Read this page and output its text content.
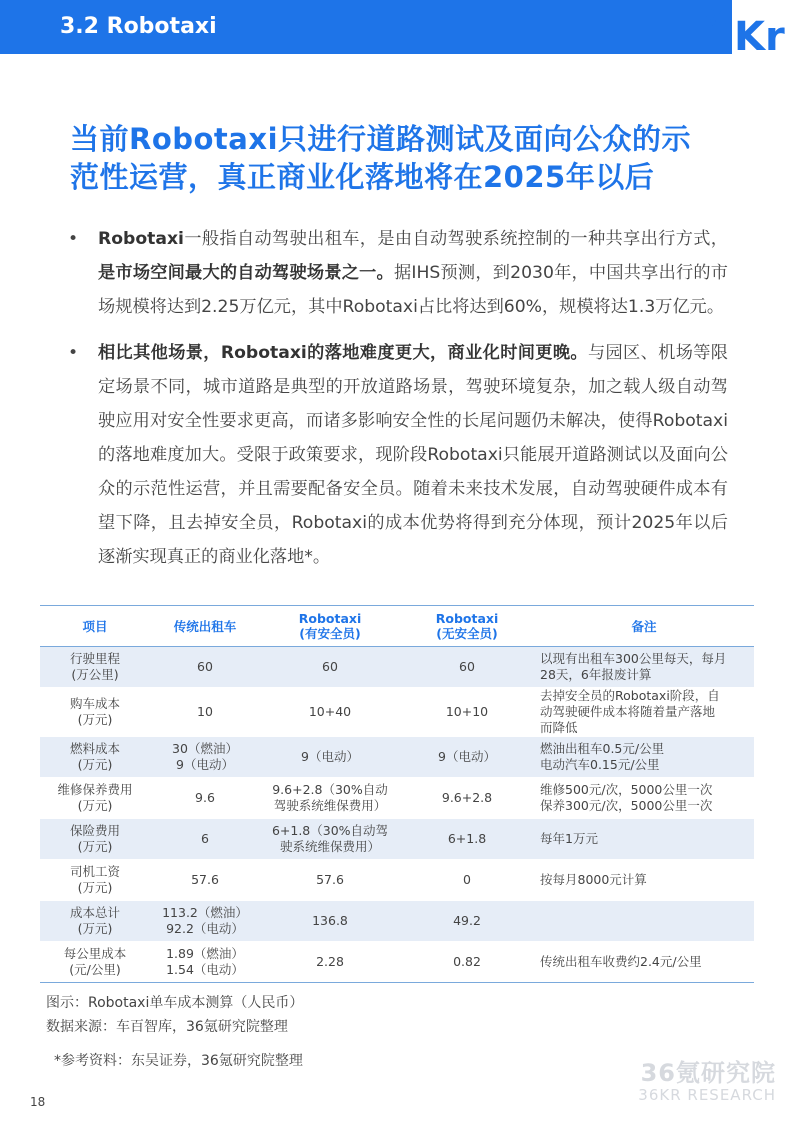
3.2 Robotaxi	36 Kr
当前Robotaxi只进行道路测试及面向公众的示
范性运营，真正商业化落地将在2025年以后
• Robotaxi一般指自动驾驶出租车，是由自动驾驶系统控制的一种共享出行方式，是市场空间最大的自动驾驶场景之一。据IHS预测，到2030年，中国共享出行的市场规模将达到2.25万亿元，其中Robotaxi占比将达到60%，规模将达1.3万亿元。
• 相比其他场景，Robotaxi的落地难度更大，商业化时间更晚。与园区、机场等限定场景不同，城市道路是典型的开放道路场景，驾驶环境复杂，加之载人级自动驾驶应用对安全性要求更高，而诸多影响安全性的长尾问题仍未解决，使得Robotaxi的落地难度加大。受限于政策要求，现阶段Robotaxi只能展开道路测试以及面向公众的示范性运营，并且需要配备安全员。随着未来技术发展，自动驾驶硬件成本有望下降，且去掉安全员，Robotaxi的成本优势将得到充分体现，预计2025年以后逐渐实现真正的商业化落地*。
项目	传统出租车	Robotaxi
(有安全员)	Robotaxi
(无安全员)	备注
行驶里程
(万公里)	60	60	60	以现有出租车300公里每天，每月
28天，6年报废计算
购车成本
(万元)	10	10+40	10+10	去掉安全员的Robotaxi阶段，自
动驾驶硬件成本将随着量产落地
而降低
燃料成本
(万元)	30（燃油）
9（电动）	9（电动）	9（电动）	燃油出租车0.5元/公里
电动汽车0.15元/公里
维修保养费用
(万元)	9.6	9.6+2.8（30%自动
驾驶系统维保费用）	9.6+2.8	维修500元/次，5000公里一次
保养300元/次，5000公里一次
保险费用
(万元)	6	6+1.8（30%自动驾
驶系统维保费用）	6+1.8	每年1万元
司机工资
(万元)	57.6	57.6	0	按每月8000元计算
成本总计
(万元)	113.2（燃油）
92.2（电动）	136.8	49.2	
每公里成本
(元/公里)	1.89（燃油）
1.54（电动）	2.28	0.82	传统出租车收费约2.4元/公里
图示：Robotaxi单车成本测算（人民币）
数据来源：车百智库，36氪研究院整理
*参考资料：东吴证券，36氪研究院整理	36氪研究院
36KR RESEARCH
18
